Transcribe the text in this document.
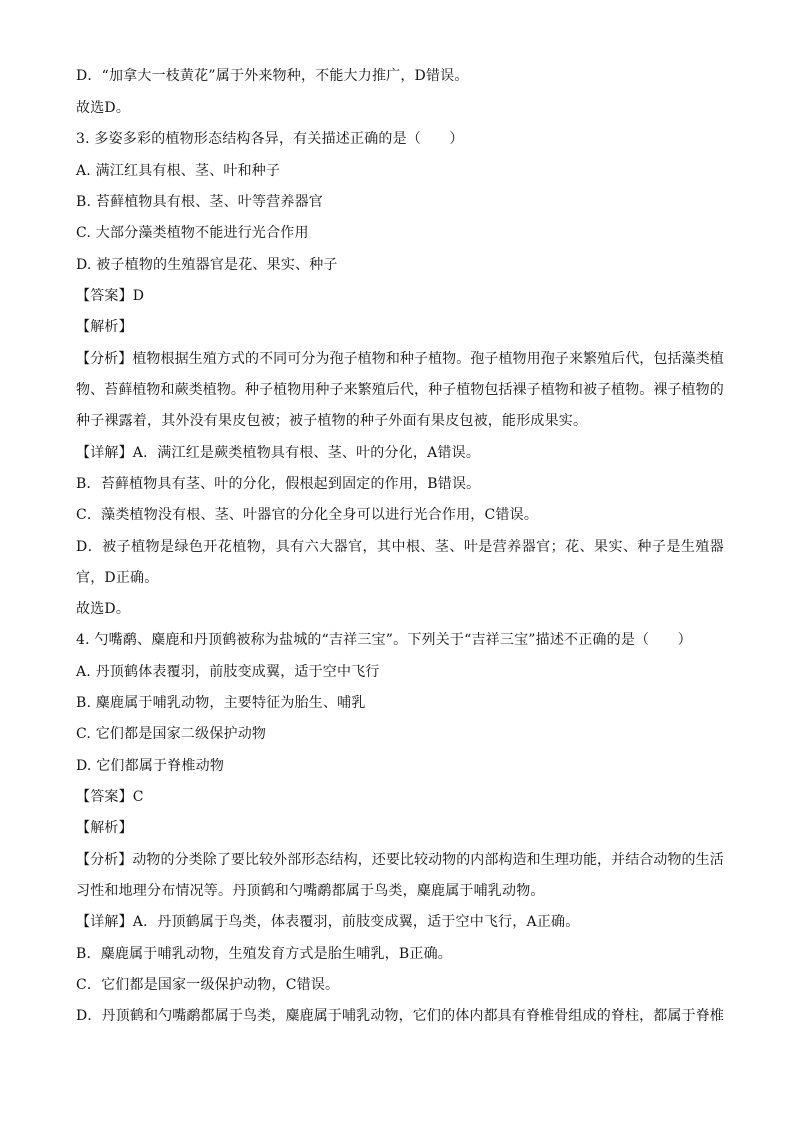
D．“加拿大一枝黄花”属于外来物种，不能大力推广，D错误。
故选D。
3. 多姿多彩的植物形态结构各异，有关描述正确的是（　　）
A. 满江红具有根、茎、叶和种子
B. 苔藓植物具有根、茎、叶等营养器官
C. 大部分藻类植物不能进行光合作用
D. 被子植物的生殖器官是花、果实、种子
【答案】D
【解析】
【分析】植物根据生殖方式的不同可分为孢子植物和种子植物。孢子植物用孢子来繁殖后代，包括藻类植
物、苔藓植物和蕨类植物。种子植物用种子来繁殖后代，种子植物包括裸子植物和被子植物。裸子植物的
种子裸露着，其外没有果皮包被；被子植物的种子外面有果皮包被，能形成果实。
【详解】A．满江红是蕨类植物具有根、茎、叶的分化，A错误。
B．苔藓植物具有茎、叶的分化，假根起到固定的作用，B错误。
C．藻类植物没有根、茎、叶器官的分化全身可以进行光合作用，C错误。
D．被子植物是绿色开花植物，具有六大器官，其中根、茎、叶是营养器官；花、果实、种子是生殖器
官，D正确。
故选D。
4. 勺嘴鹬、麋鹿和丹顶鹤被称为盐城的“吉祥三宝”。下列关于“吉祥三宝”描述不正确的是（　　）
A. 丹顶鹤体表覆羽，前肢变成翼，适于空中飞行
B. 麋鹿属于哺乳动物，主要特征为胎生、哺乳
C. 它们都是国家二级保护动物
D. 它们都属于脊椎动物
【答案】C
【解析】
【分析】动物的分类除了要比较外部形态结构，还要比较动物的内部构造和生理功能，并结合动物的生活
习性和地理分布情况等。丹顶鹤和勺嘴鹬都属于鸟类，麋鹿属于哺乳动物。
【详解】A．丹顶鹤属于鸟类，体表覆羽，前肢变成翼，适于空中飞行，A正确。
B．麋鹿属于哺乳动物，生殖发育方式是胎生哺乳，B正确。
C．它们都是国家一级保护动物，C错误。
D．丹顶鹤和勺嘴鹬都属于鸟类，麋鹿属于哺乳动物，它们的体内都具有脊椎骨组成的脊柱，都属于脊椎
